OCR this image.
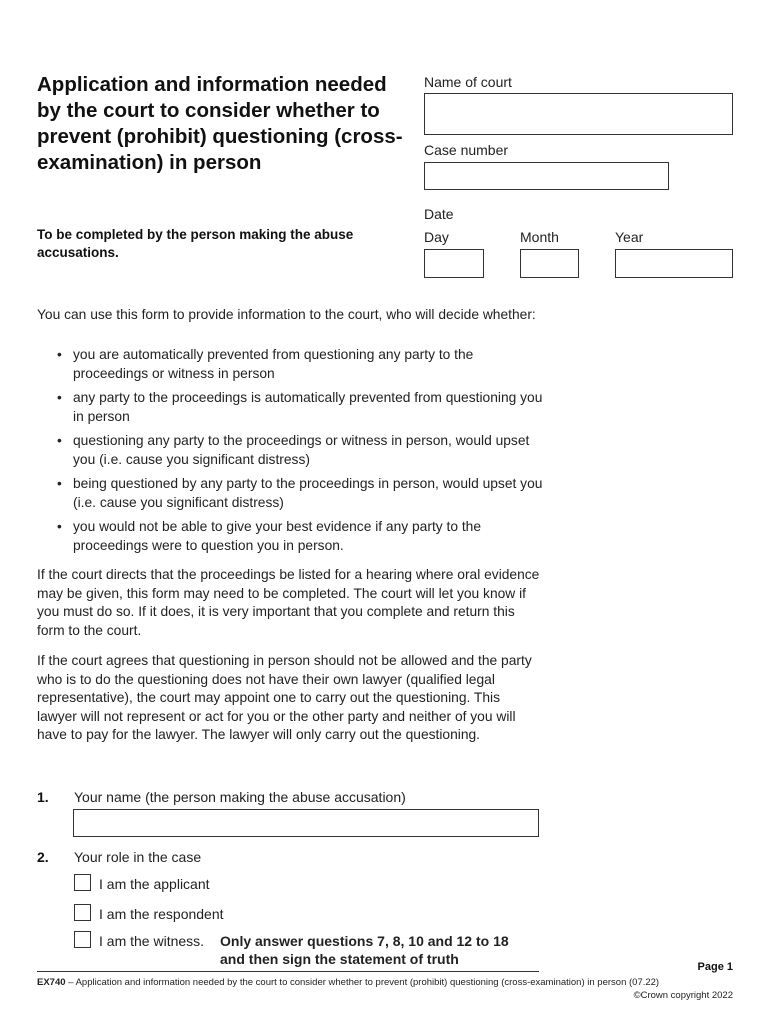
Application and information needed by the court to consider whether to prevent (prohibit) questioning (cross-examination) in person
To be completed by the person making the abuse accusations.
Name of court
Case number
Date
Day	Month	Year
You can use this form to provide information to the court, who will decide whether:
• you are automatically prevented from questioning any party to the proceedings or witness in person
• any party to the proceedings is automatically prevented from questioning you in person
• questioning any party to the proceedings or witness in person, would upset you (i.e. cause you significant distress)
• being questioned by any party to the proceedings in person, would upset you (i.e. cause you significant distress)
• you would not be able to give your best evidence if any party to the proceedings were to question you in person.
If the court directs that the proceedings be listed for a hearing where oral evidence may be given, this form may need to be completed. The court will let you know if you must do so. If it does, it is very important that you complete and return this form to the court.
If the court agrees that questioning in person should not be allowed and the party who is to do the questioning does not have their own lawyer (qualified legal representative), the court may appoint one to carry out the questioning. This lawyer will not represent or act for you or the other party and neither of you will have to pay for the lawyer. The lawyer will only carry out the questioning.
1. Your name (the person making the abuse accusation)
2. Your role in the case
I am the applicant
I am the respondent
I am the witness. Only answer questions 7, 8, 10 and 12 to 18
and then sign the statement of truth	Page 1
EX740 – Application and information needed by the court to consider whether to prevent (prohibit) questioning (cross-examination) in person (07.22)
©Crown copyright 2022
